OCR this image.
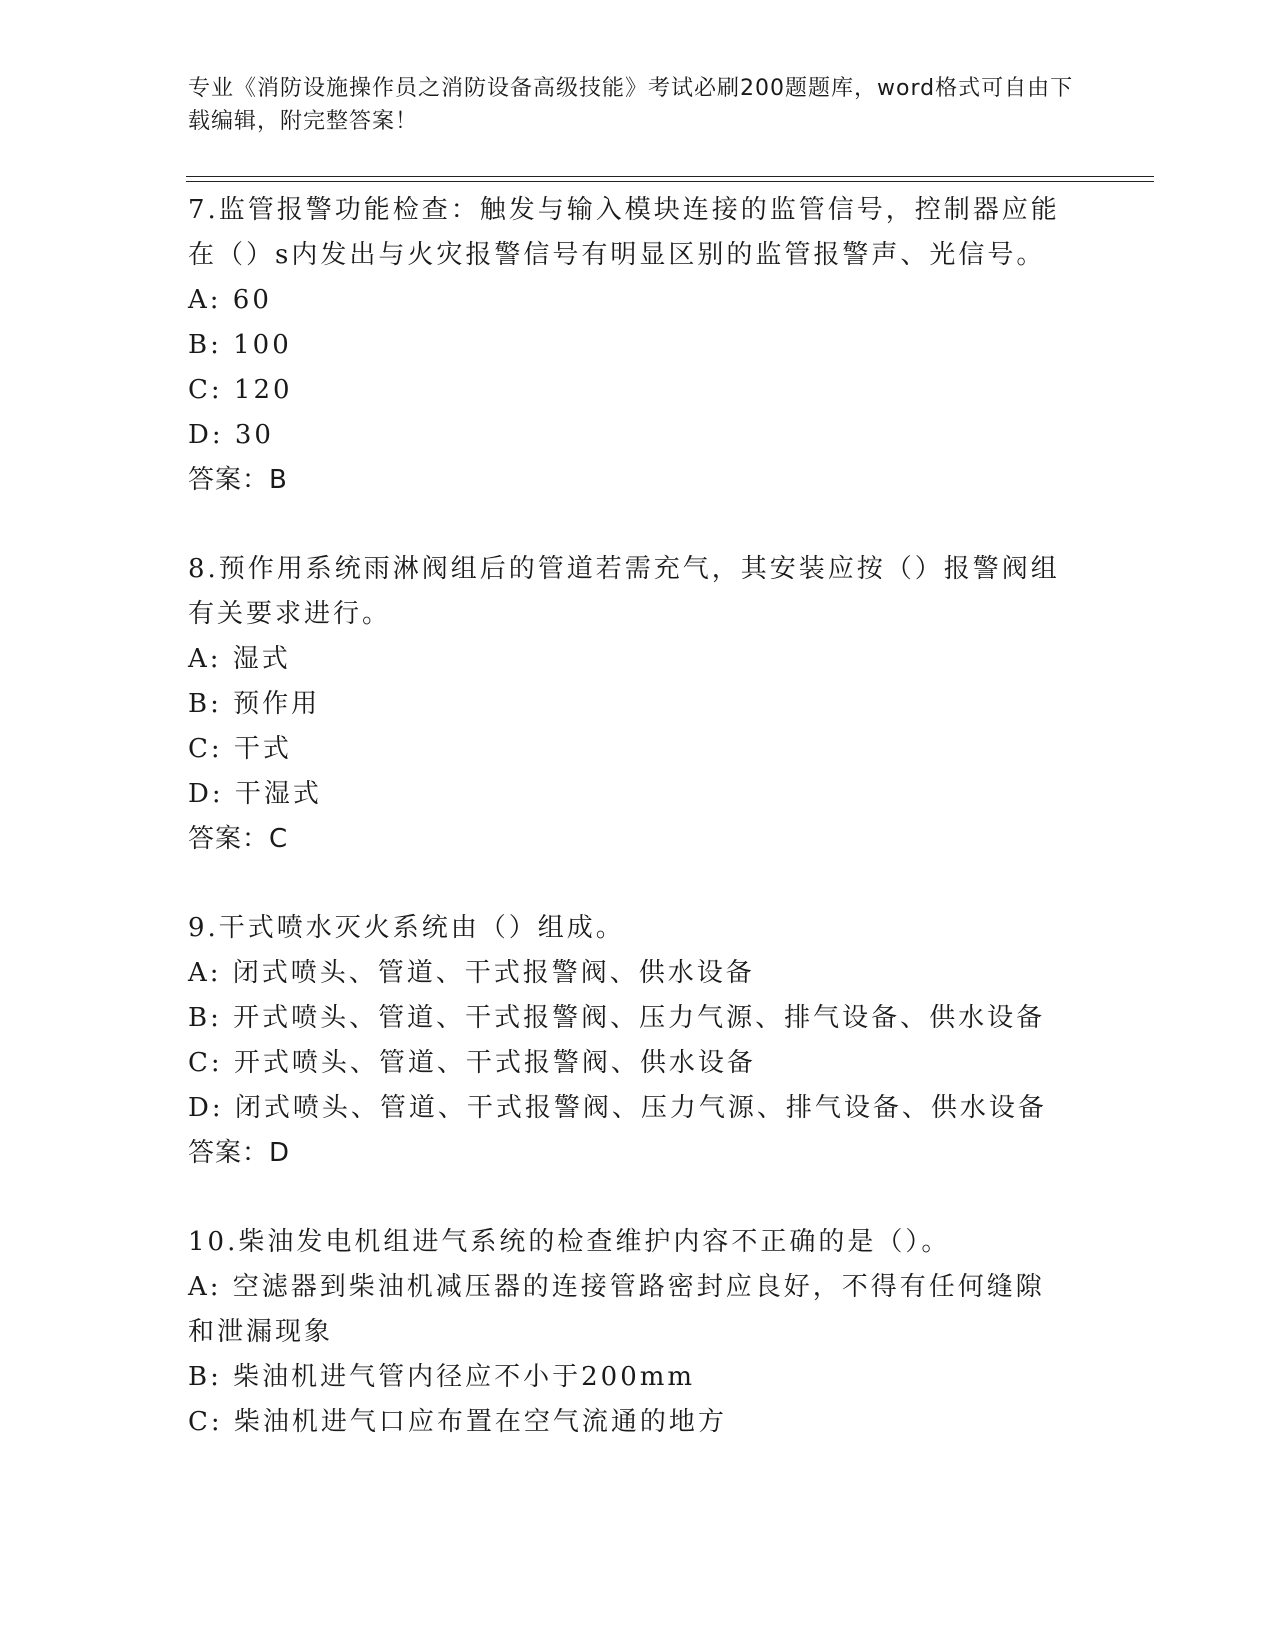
专业《消防设施操作员之消防设备高级技能》考试必刷200题题库，word格式可自由下载编辑，附完整答案！
7.监管报警功能检查：触发与输入模块连接的监管信号，控制器应能在（）s内发出与火灾报警信号有明显区别的监管报警声、光信号。
A: 60
B: 100
C: 120
D: 30
答案：B
8.预作用系统雨淋阀组后的管道若需充气，其安装应按（）报警阀组有关要求进行。
A: 湿式
B: 预作用
C: 干式
D: 干湿式
答案：C
9.干式喷水灭火系统由（）组成。
A: 闭式喷头、管道、干式报警阀、供水设备
B: 开式喷头、管道、干式报警阀、压力气源、排气设备、供水设备
C: 开式喷头、管道、干式报警阀、供水设备
D: 闭式喷头、管道、干式报警阀、压力气源、排气设备、供水设备
答案：D
10.柴油发电机组进气系统的检查维护内容不正确的是（）。
A: 空滤器到柴油机减压器的连接管路密封应良好，不得有任何缝隙和泄漏现象
B: 柴油机进气管内径应不小于200mm
C: 柴油机进气口应布置在空气流通的地方
